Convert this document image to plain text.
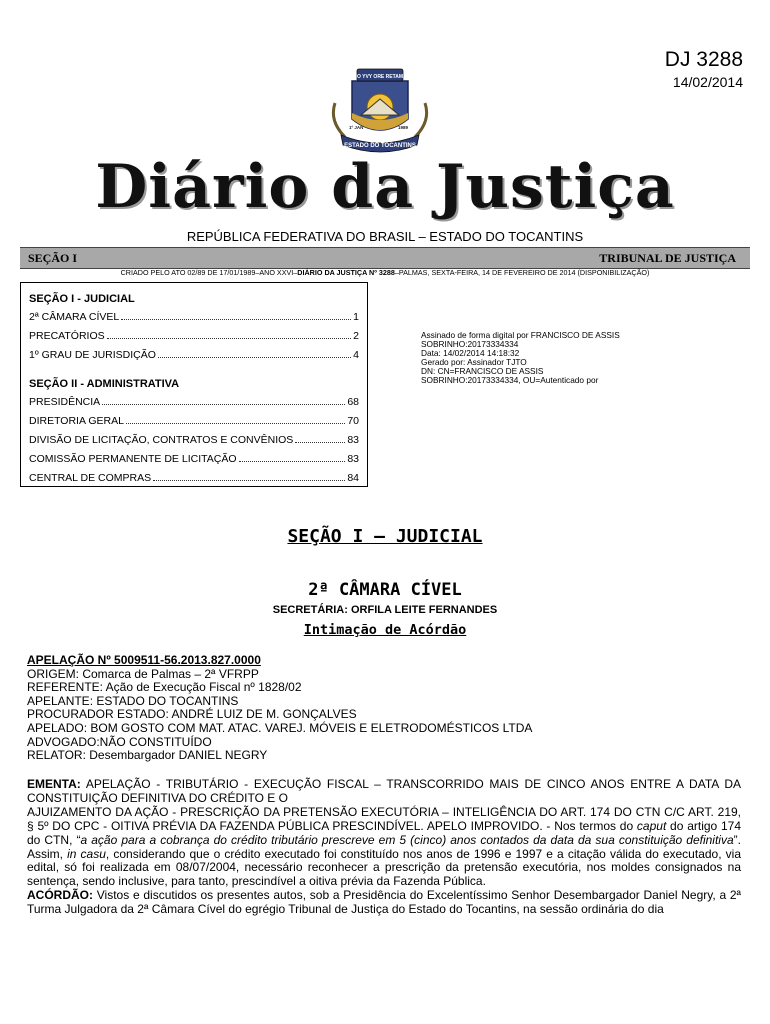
DJ 3288
14/02/2014
CO YVY ORE RETAMA
1º JAN	1989
ESTADO DO TOCANTINS
Diário da Justiça
REPÚBLICA FEDERATIVA DO BRASIL – ESTADO DO TOCANTINS
SEÇÃO I	TRIBUNAL DE JUSTIÇA
CRIADO PELO ATO 02/89 DE 17/01/1989–ANO XXVI–DIÁRIO DA JUSTIÇA Nº 3288–PALMAS, SEXTA-FEIRA, 14 DE FEVEREIRO DE 2014 (DISPONIBILIZAÇÃO)
SEÇÃO I - JUDICIAL
2ª CÂMARA CÍVEL	1
PRECATÓRIOS	2
1º GRAU DE JURISDIÇÃO	4
SEÇÃO II - ADMINISTRATIVA
PRESIDÊNCIA	68
DIRETORIA GERAL	70
DIVISÃO DE LICITAÇÃO, CONTRATOS E CONVÊNIOS	83
COMISSÃO PERMANENTE DE LICITAÇÃO	83
CENTRAL DE COMPRAS	84
Assinado de forma digital por FRANCISCO DE ASSIS
SOBRINHO:20173334334
Data: 14/02/2014 14:18:32
Gerado por: Assinador TJTO
DN: CN=FRANCISCO DE ASSIS
SOBRINHO:20173334334, OU=Autenticado por
SEÇÃO I – JUDICIAL
2ª CÂMARA CÍVEL
SECRETÁRIA: ORFILA LEITE FERNANDES
Intimação de Acórdão
APELAÇÃO Nº 5009511-56.2013.827.0000
ORIGEM: Comarca de Palmas – 2ª VFRPP
REFERENTE: Ação de Execução Fiscal nº 1828/02
APELANTE: ESTADO DO TOCANTINS
PROCURADOR ESTADO: ANDRÉ LUIZ DE M. GONÇALVES
APELADO: BOM GOSTO COM MAT. ATAC. VAREJ. MÓVEIS E ELETRODOMÉSTICOS LTDA
ADVOGADO:NÃO CONSTITUÍDO
RELATOR: Desembargador DANIEL NEGRY

EMENTA: APELAÇÃO - TRIBUTÁRIO - EXECUÇÃO FISCAL – TRANSCORRIDO MAIS DE CINCO ANOS ENTRE A DATA DA CONSTITUIÇÃO DEFINITIVA DO CRÉDITO E O

AJUIZAMENTO DA AÇÃO - PRESCRIÇÃO DA PRETENSÃO EXECUTÓRIA – INTELIGÊNCIA DO ART. 174 DO CTN C/C ART. 219, § 5º DO CPC - OITIVA PRÉVIA DA FAZENDA PÚBLICA PRESCINDÍVEL. APELO IMPROVIDO. - Nos termos do caput do artigo 174 do CTN, “a ação para a cobrança do crédito tributário prescreve em 5 (cinco) anos contados da data da sua constituição definitiva”. Assim, in casu, considerando que o crédito executado foi constituído nos anos de 1996 e 1997 e a citação válida do executado, via edital, só foi realizada em 08/07/2004, necessário reconhecer a prescrição da pretensão executória, nos moldes consignados na sentença, sendo inclusive, para tanto, prescindível a oitiva prévia da Fazenda Pública.

ACÓRDÃO: Vistos e discutidos os presentes autos, sob a Presidência do Excelentíssimo Senhor Desembargador Daniel Negry, a 2ª Turma Julgadora da 2ª Câmara Cível do egrégio Tribunal de Justiça do Estado do Tocantins, na sessão ordinária do dia
